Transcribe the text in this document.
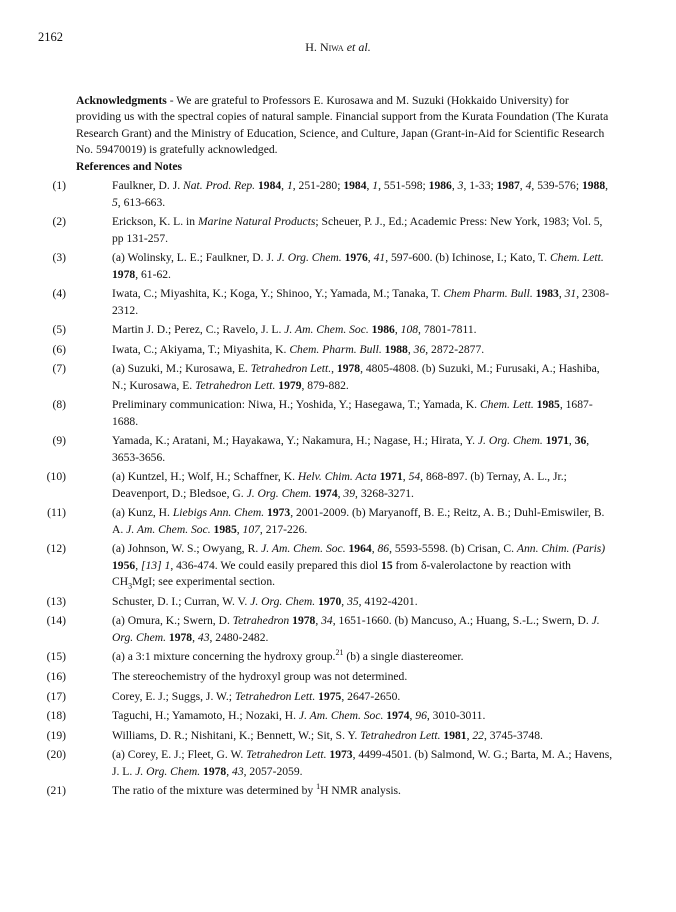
2162
H. Niwa et al.

Acknowledgments - We are grateful to Professors E. Kurosawa and M. Suzuki (Hokkaido University) for providing us with the spectral copies of natural sample. Financial support from the Kurata Foundation (The Kurata Research Grant) and the Ministry of Education, Science, and Culture, Japan (Grant-in-Aid for Scientific Research No. 59470019) is gratefully acknowledged.

References and Notes

( 1 )	Faulkner, D. J. Nat. Prod. Rep. 1984, 1, 251-280; 1984, 1, 551-598; 1986, 3, 1-33; 1987, 4, 539-576; 1988, 5, 613-663.
( 2 )	Erickson, K. L. in Marine Natural Products; Scheuer, P. J., Ed.; Academic Press: New York, 1983; Vol. 5, pp 131-257.
( 3 )	(a) Wolinsky, L. E.; Faulkner, D. J. J. Org. Chem. 1976, 41, 597-600. (b) Ichinose, I.; Kato, T. Chem. Lett. 1978, 61-62.
( 4 )	Iwata, C.; Miyashita, K.; Koga, Y.; Shinoo, Y.; Yamada, M.; Tanaka, T. Chem Pharm. Bull. 1983, 31, 2308-2312.
( 5 )	Martin J. D.; Perez, C.; Ravelo, J. L. J. Am. Chem. Soc. 1986, 108, 7801-7811.
( 6 )	Iwata, C.; Akiyama, T.; Miyashita, K. Chem. Pharm. Bull. 1988, 36, 2872-2877.
( 7 )	(a) Suzuki, M.; Kurosawa, E. Tetrahedron Lett., 1978, 4805-4808. (b) Suzuki, M.; Furusaki, A.; Hashiba, N.; Kurosawa, E. Tetrahedron Lett. 1979, 879-882.
( 8 )	Preliminary communication: Niwa, H.; Yoshida, Y.; Hasegawa, T.; Yamada, K. Chem. Lett. 1985, 1687-1688.
( 9 )	Yamada, K.; Aratani, M.; Hayakawa, Y.; Nakamura, H.; Nagase, H.; Hirata, Y. J. Org. Chem. 1971, 36, 3653-3656.
( 10 )	(a) Kuntzel, H.; Wolf, H.; Schaffner, K. Helv. Chim. Acta 1971, 54, 868-897. (b) Ternay, A. L., Jr.; Deavenport, D.; Bledsoe, G. J. Org. Chem. 1974, 39, 3268-3271.
( 11 )	(a) Kunz, H. Liebigs Ann. Chem. 1973, 2001-2009. (b) Maryanoff, B. E.; Reitz, A. B.; Duhl-Emiswiler, B. A. J. Am. Chem. Soc. 1985, 107, 217-226.
( 12 )	(a) Johnson, W. S.; Owyang, R. J. Am. Chem. Soc. 1964, 86, 5593-5598. (b) Crisan, C. Ann. Chim. (Paris) 1956, [13] 1, 436-474. We could easily prepared this diol 15 from δ-valerolactone by reaction with $CH_3MgI$; see experimental section.
( 13 )	Schuster, D. I.; Curran, W. V. J. Org. Chem. 1970, 35, 4192-4201.
( 14 )	(a) Omura, K.; Swern, D. Tetrahedron 1978, 34, 1651-1660. (b) Mancuso, A.; Huang, S.-L.; Swern, D. J. Org. Chem. 1978, 43, 2480-2482.
( 15 )	(a) a 3:1 mixture concerning the hydroxy group.$^{21}$ (b) a single diastereomer.
( 16 )	The stereochemistry of the hydroxyl group was not determined.
( 17 )	Corey, E. J.; Suggs, J. W.; Tetrahedron Lett. 1975, 2647-2650.
( 18 )	Taguchi, H.; Yamamoto, H.; Nozaki, H. J. Am. Chem. Soc. 1974, 96, 3010-3011.
( 19 )	Williams, D. R.; Nishitani, K.; Bennett, W.; Sit, S. Y. Tetrahedron Lett. 1981, 22, 3745-3748.
( 20 )	(a) Corey, E. J.; Fleet, G. W. Tetrahedron Lett. 1973, 4499-4501. (b) Salmond, W. G.; Barta, M. A.; Havens, J. L. J. Org. Chem. 1978, 43, 2057-2059.
( 21 )	The ratio of the mixture was determined by $^1$H NMR analysis.
